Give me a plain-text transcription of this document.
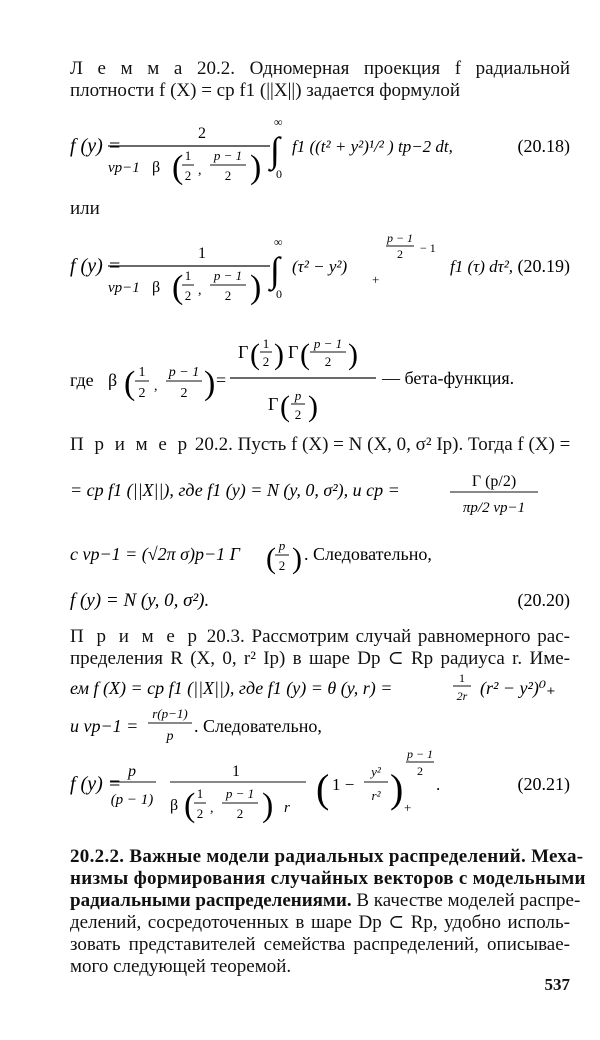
Л е м м а 20.2. Одномерная проекция f радиальной
плотности f (X) = cp f1 (||X||) задается формулой
f (y) =
2
νp−1 β ( 1
2 ,
p − 1
2 )
∞
∫
0
f1 ((t² + y²)¹/² ) tp−2 dt,	(20.18)
или
f (y) =
1
νp−1 β ( 1
2 ,
p − 1
2 )
∞
∫
0
(τ² − y²)
+
p − 1
2 − 1
f1 (τ) dτ², (20.19)
где β ( 1
2 ,
p − 1
2 ) =
Γ ( 1
2 ) Γ ( p − 1
2 )
Γ ( p
2 )
— бета-функция.
П р и м е р 20.2. Пусть f (X) = N (X, 0, σ² Ip). Тогда f (X) =
= cp f1 (||X||), где f1 (y) = N (y, 0, σ²), и cp =	Γ (p/2)
πp/2 νp−1
с νp−1 = (√2π σ)p−1 Γ ( p
2 ) . Следовательно,
f (y) = N (y, 0, σ²).	(20.20)
П р и м е р 20.3. Рассмотрим случай равномерного рас-
пределения R (X, 0, r² Ip) в шаре Dp ⊂ Rp радиуса r. Име-
ем f (X) = cp f1 (||X||), где f1 (y) = θ (y, r) =	1
2r (r² − y²)⁰₊
и νp−1 =
r(p−1)
p
. Следовательно,
f (y) =
p
(p − 1)
1
β ( 1
2 ,
p − 1
2 ) r ( 1 −
y²
r² ) +
p − 1
2
.	(20.21)
20.2.2. Важные модели радиальных распределений. Меха-
низмы формирования случайных векторов с модельными
радиальными распределениями. В качестве моделей распре-
делений, сосредоточенных в шаре Dp ⊂ Rp, удобно исполь-
зовать представителей семейства распределений, описывае-
мого следующей теоремой.
537
